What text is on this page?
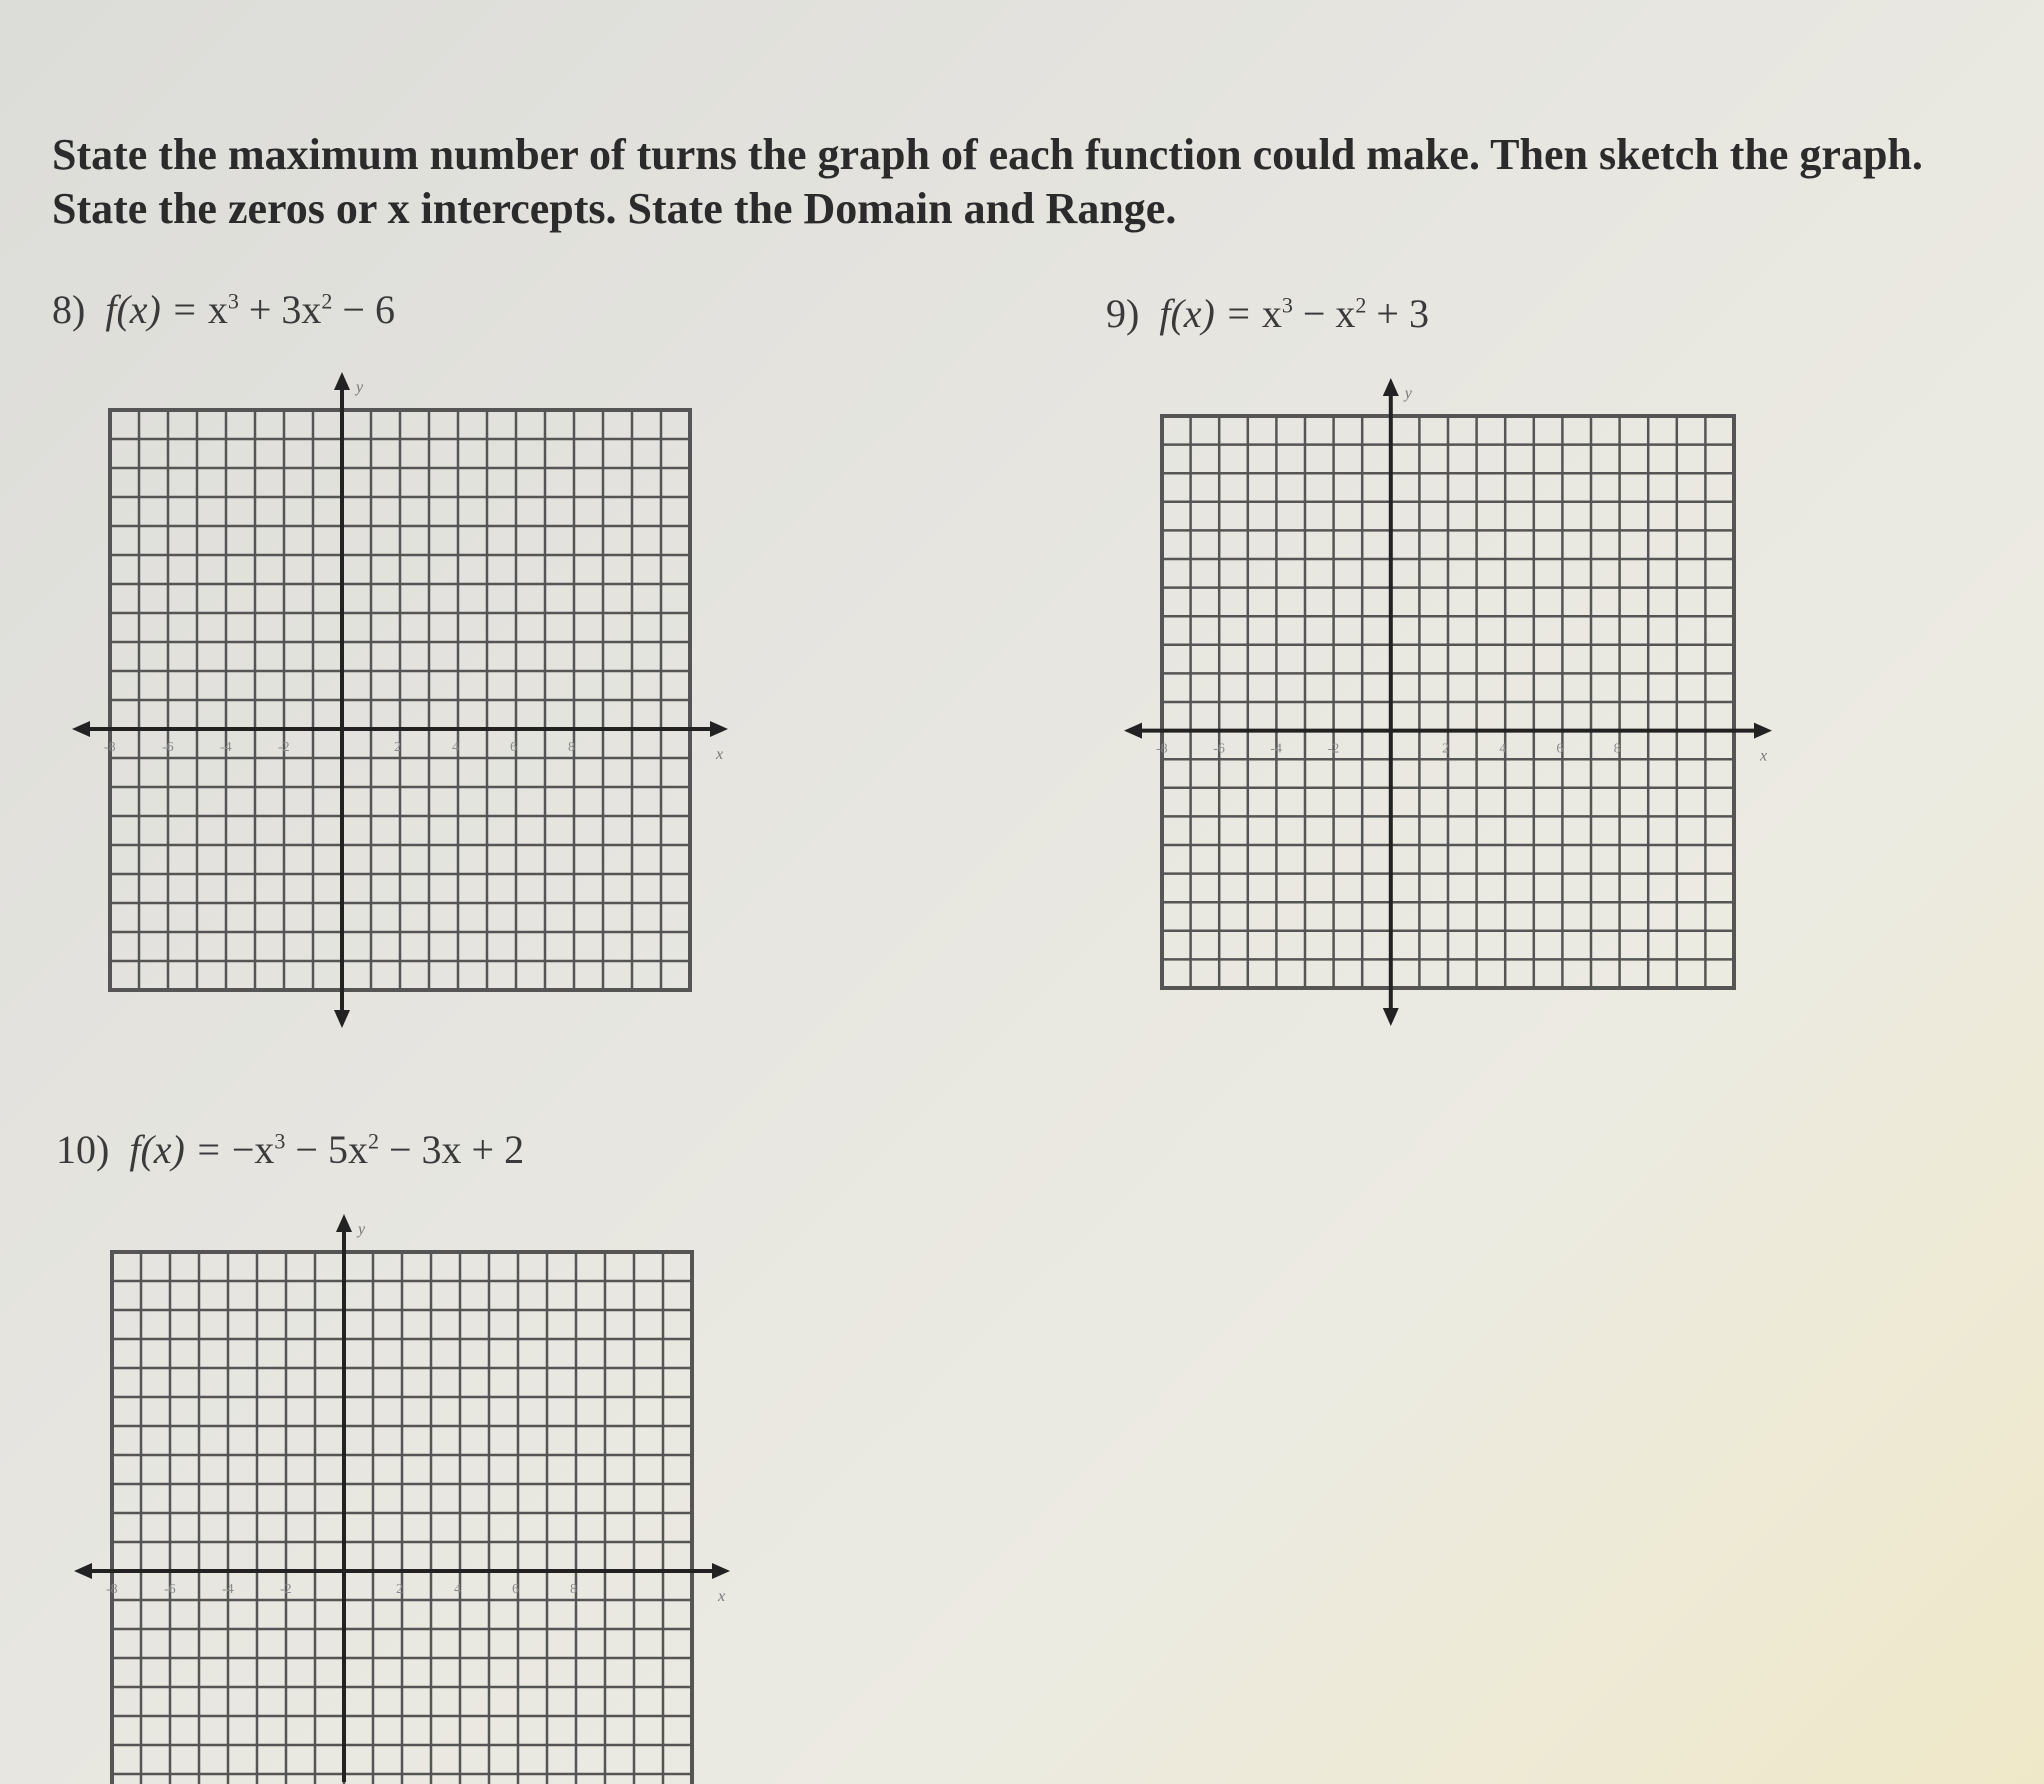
State the maximum number of turns the graph of each function could make. Then sketch the graph. State the zeros or x intercepts. State the Domain and Range.
8) $f(x) = x^3 + 3x^2 - 6$
x
y
-8	-6	-4	-2	2	4	6	8
9) $f(x) = x^3 - x^2 + 3$
x
y
-8	-6	-4	-2	2	4	6	8
10) $f(x) = -x^3 - 5x^2 - 3x + 2$
x
y
-8	-6	-4	-2	2	4	6	8
